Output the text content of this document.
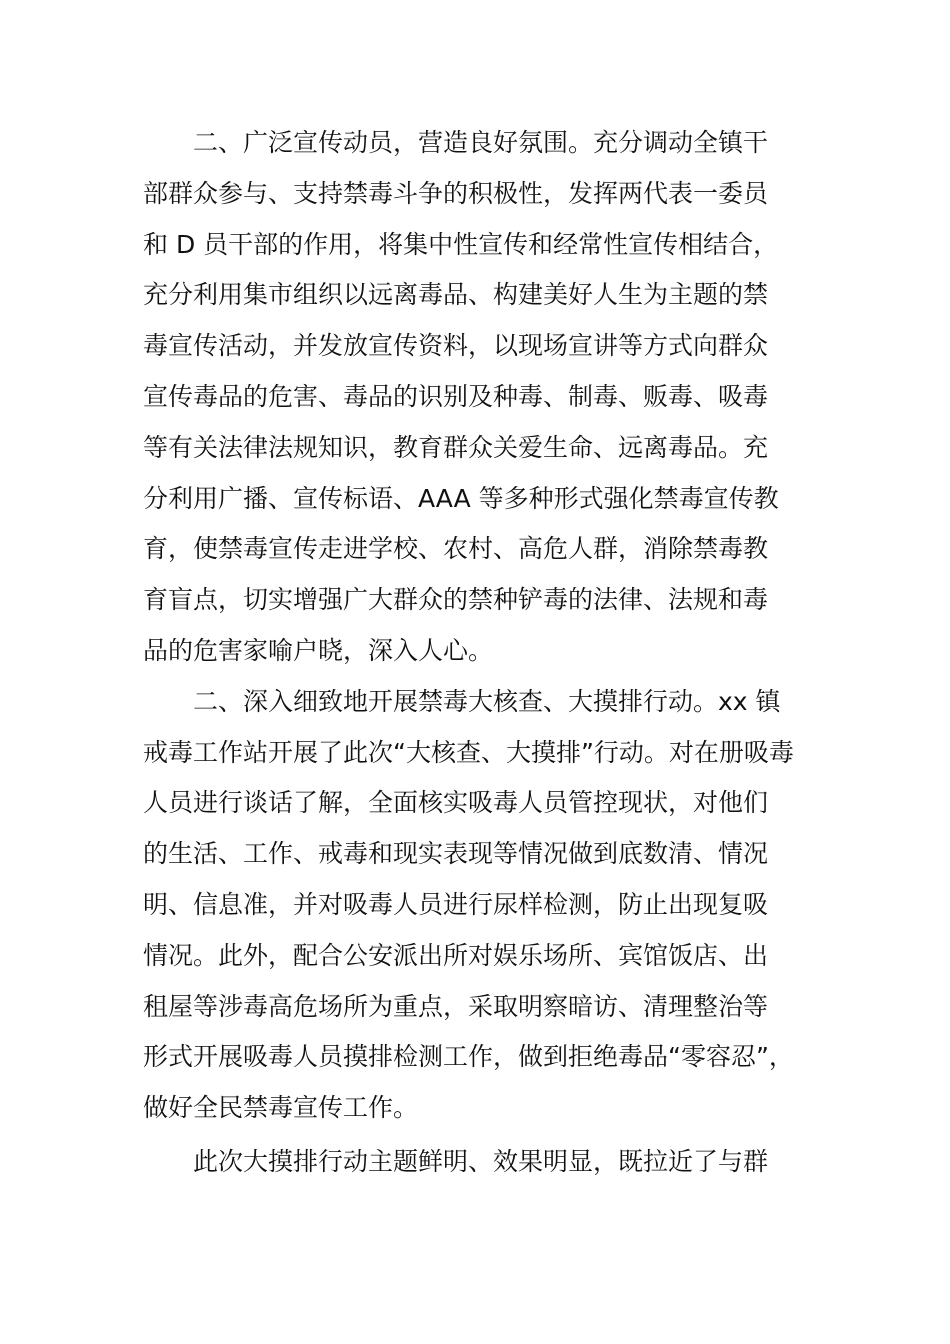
二、广泛宣传动员，营造良好氛围。充分调动全镇干
部群众参与、支持禁毒斗争的积极性，发挥两代表一委员
和 D 员干部的作用，将集中性宣传和经常性宣传相结合，
充分利用集市组织以远离毒品、构建美好人生为主题的禁
毒宣传活动，并发放宣传资料，以现场宣讲等方式向群众
宣传毒品的危害、毒品的识别及种毒、制毒、贩毒、吸毒
等有关法律法规知识，教育群众关爱生命、远离毒品。充
分利用广播、宣传标语、AAA 等多种形式强化禁毒宣传教
育，使禁毒宣传走进学校、农村、高危人群，消除禁毒教
育盲点，切实增强广大群众的禁种铲毒的法律、法规和毒
品的危害家喻户晓，深入人心。
二、深入细致地开展禁毒大核查、大摸排行动。xx 镇
戒毒工作站开展了此次“大核查、大摸排”行动。对在册吸毒
人员进行谈话了解，全面核实吸毒人员管控现状，对他们
的生活、工作、戒毒和现实表现等情况做到底数清、情况
明、信息准，并对吸毒人员进行尿样检测，防止出现复吸
情况。此外，配合公安派出所对娱乐场所、宾馆饭店、出
租屋等涉毒高危场所为重点，采取明察暗访、清理整治等
形式开展吸毒人员摸排检测工作，做到拒绝毒品“零容忍”，
做好全民禁毒宣传工作。
此次大摸排行动主题鲜明、效果明显，既拉近了与群
